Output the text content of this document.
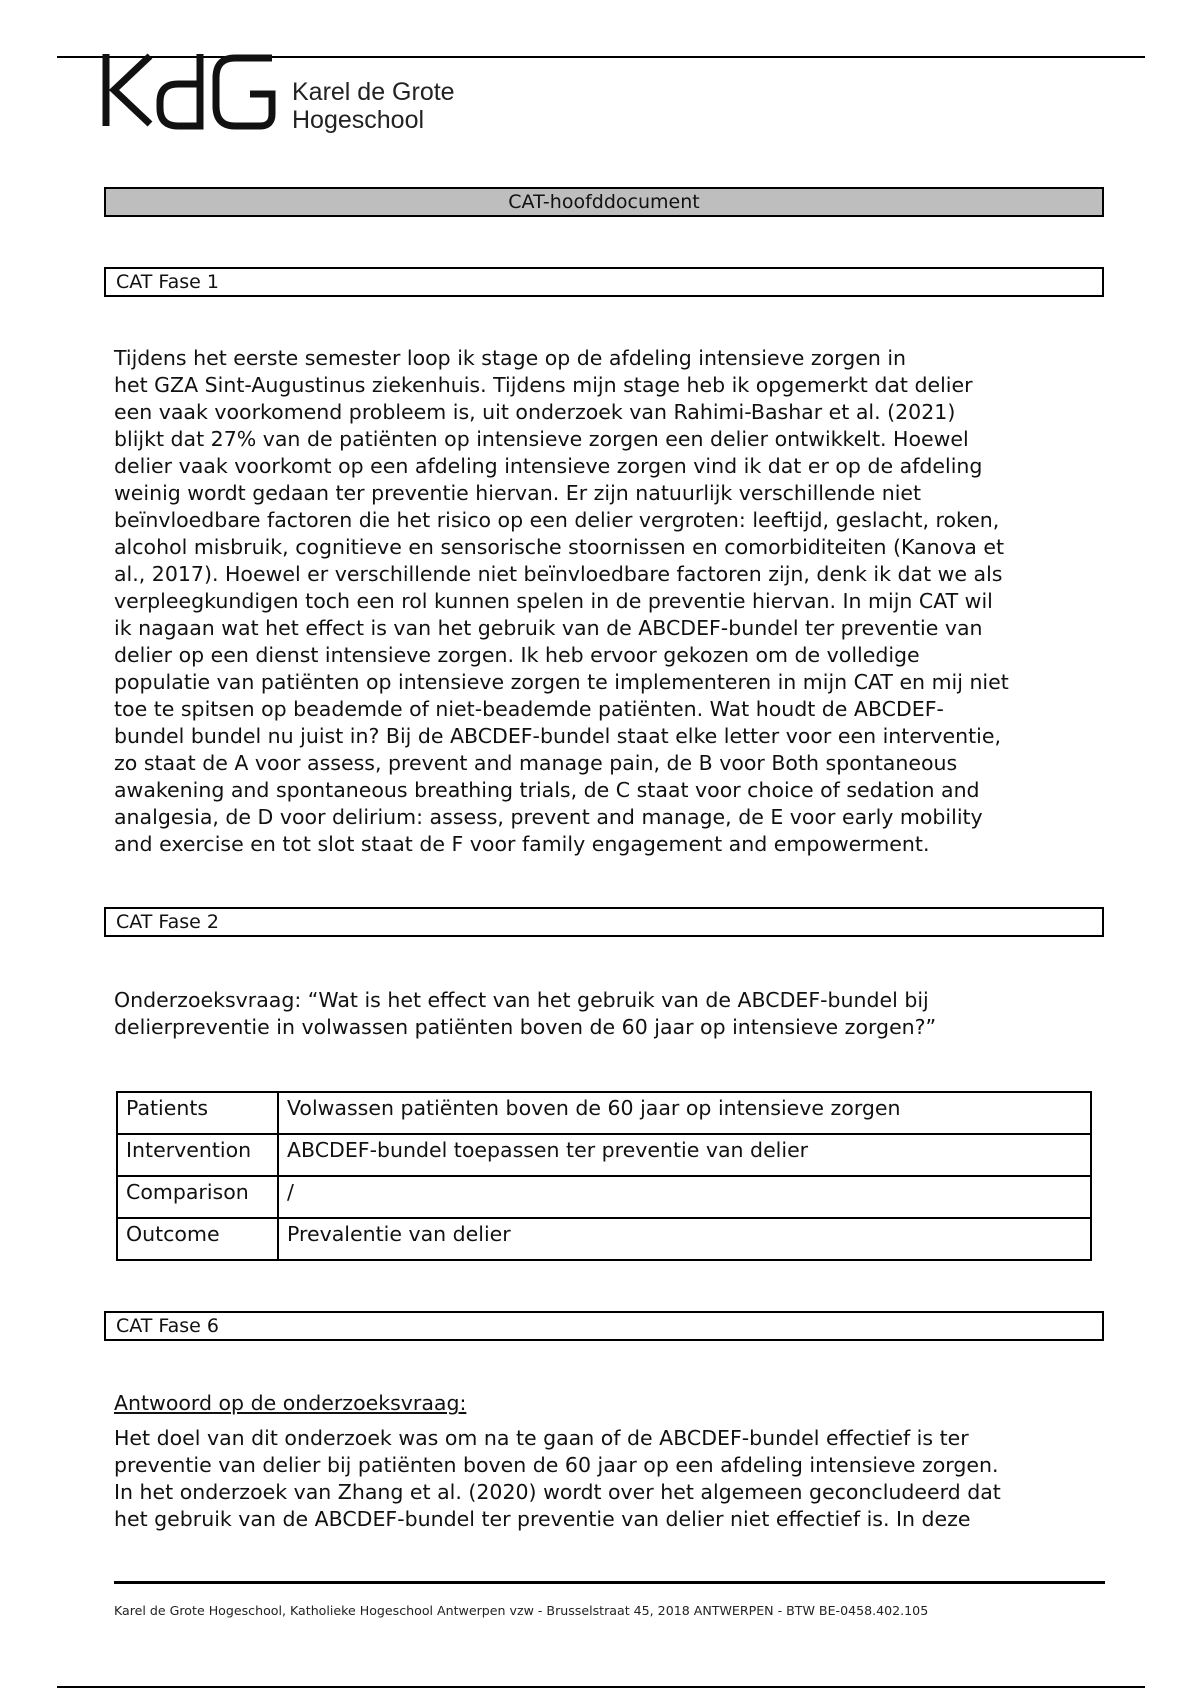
Karel de Grote
Hogeschool
CAT-hoofddocument
CAT Fase 1
Tijdens het eerste semester loop ik stage op de afdeling intensieve zorgen in
het GZA Sint-Augustinus ziekenhuis. Tijdens mijn stage heb ik opgemerkt dat delier
een vaak voorkomend probleem is, uit onderzoek van Rahimi-Bashar et al. (2021)
blijkt dat 27% van de patiënten op intensieve zorgen een delier ontwikkelt. Hoewel
delier vaak voorkomt op een afdeling intensieve zorgen vind ik dat er op de afdeling
weinig wordt gedaan ter preventie hiervan. Er zijn natuurlijk verschillende niet
beïnvloedbare factoren die het risico op een delier vergroten: leeftijd, geslacht, roken,
alcohol misbruik, cognitieve en sensorische stoornissen en comorbiditeiten (Kanova et
al., 2017). Hoewel er verschillende niet beïnvloedbare factoren zijn, denk ik dat we als
verpleegkundigen toch een rol kunnen spelen in de preventie hiervan. In mijn CAT wil
ik nagaan wat het effect is van het gebruik van de ABCDEF-bundel ter preventie van
delier op een dienst intensieve zorgen. Ik heb ervoor gekozen om de volledige
populatie van patiënten op intensieve zorgen te implementeren in mijn CAT en mij niet
toe te spitsen op beademde of niet-beademde patiënten. Wat houdt de ABCDEF-
bundel bundel nu juist in? Bij de ABCDEF-bundel staat elke letter voor een interventie,
zo staat de A voor assess, prevent and manage pain, de B voor Both spontaneous
awakening and spontaneous breathing trials, de C staat voor choice of sedation and
analgesia, de D voor delirium: assess, prevent and manage, de E voor early mobility
and exercise en tot slot staat de F voor family engagement and empowerment.
CAT Fase 2
Onderzoeksvraag: “Wat is het effect van het gebruik van de ABCDEF-bundel bij
delierpreventie in volwassen patiënten boven de 60 jaar op intensieve zorgen?”
Patients	Volwassen patiënten boven de 60 jaar op intensieve zorgen
Intervention	ABCDEF-bundel toepassen ter preventie van delier
Comparison	/
Outcome	Prevalentie van delier
CAT Fase 6

Antwoord op de onderzoeksvraag:

Het doel van dit onderzoek was om na te gaan of de ABCDEF-bundel effectief is ter
preventie van delier bij patiënten boven de 60 jaar op een afdeling intensieve zorgen.
In het onderzoek van Zhang et al. (2020) wordt over het algemeen geconcludeerd dat
het gebruik van de ABCDEF-bundel ter preventie van delier niet effectief is. In deze
Karel de Grote Hogeschool, Katholieke Hogeschool Antwerpen vzw - Brusselstraat 45, 2018 ANTWERPEN - BTW BE-0458.402.105
